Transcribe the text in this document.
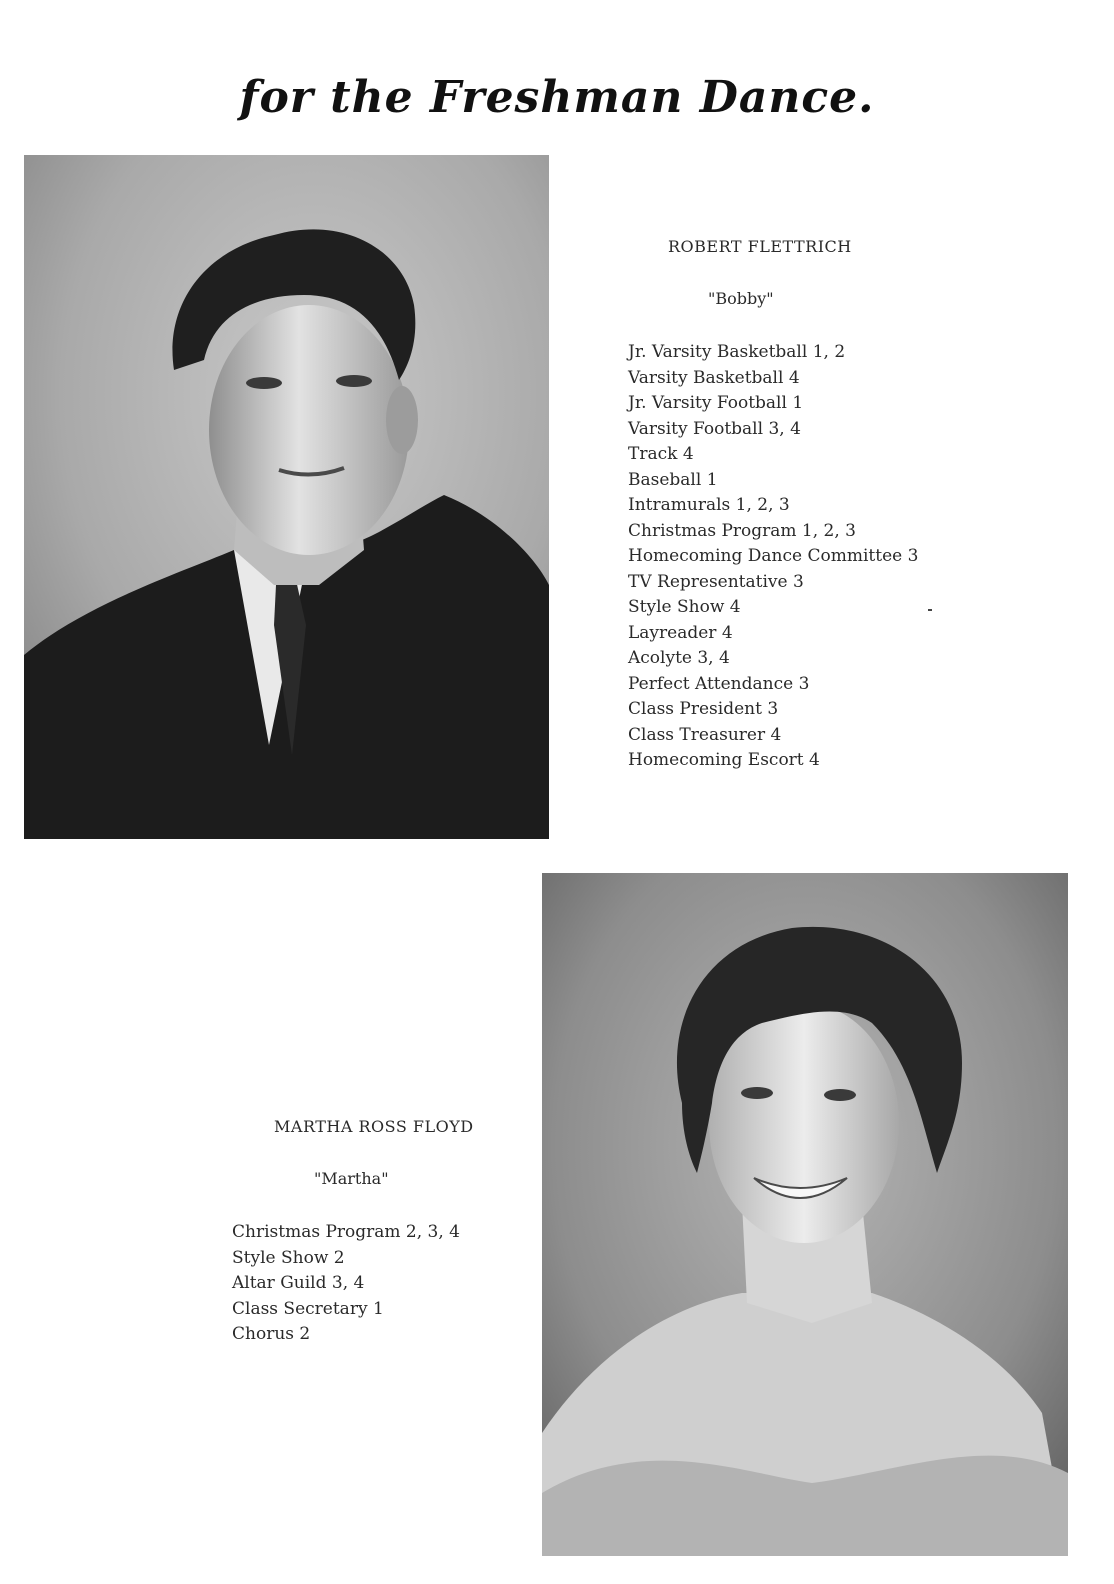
for the Freshman Dance.
ROBERT FLETTRICH
"Bobby"
Jr. Varsity Basketball 1, 2
Varsity Basketball 4
Jr. Varsity Football 1
Varsity Football 3, 4
Track 4
Baseball 1
Intramurals 1, 2, 3
Christmas Program 1, 2, 3
Homecoming Dance Committee 3
TV Representative 3
Style Show 4
Layreader 4
Acolyte 3, 4
Perfect Attendance 3
Class President 3
Class Treasurer 4
Homecoming Escort 4
MARTHA ROSS FLOYD
"Martha"
Christmas Program 2, 3, 4
Style Show 2
Altar Guild 3, 4
Class Secretary 1
Chorus 2
